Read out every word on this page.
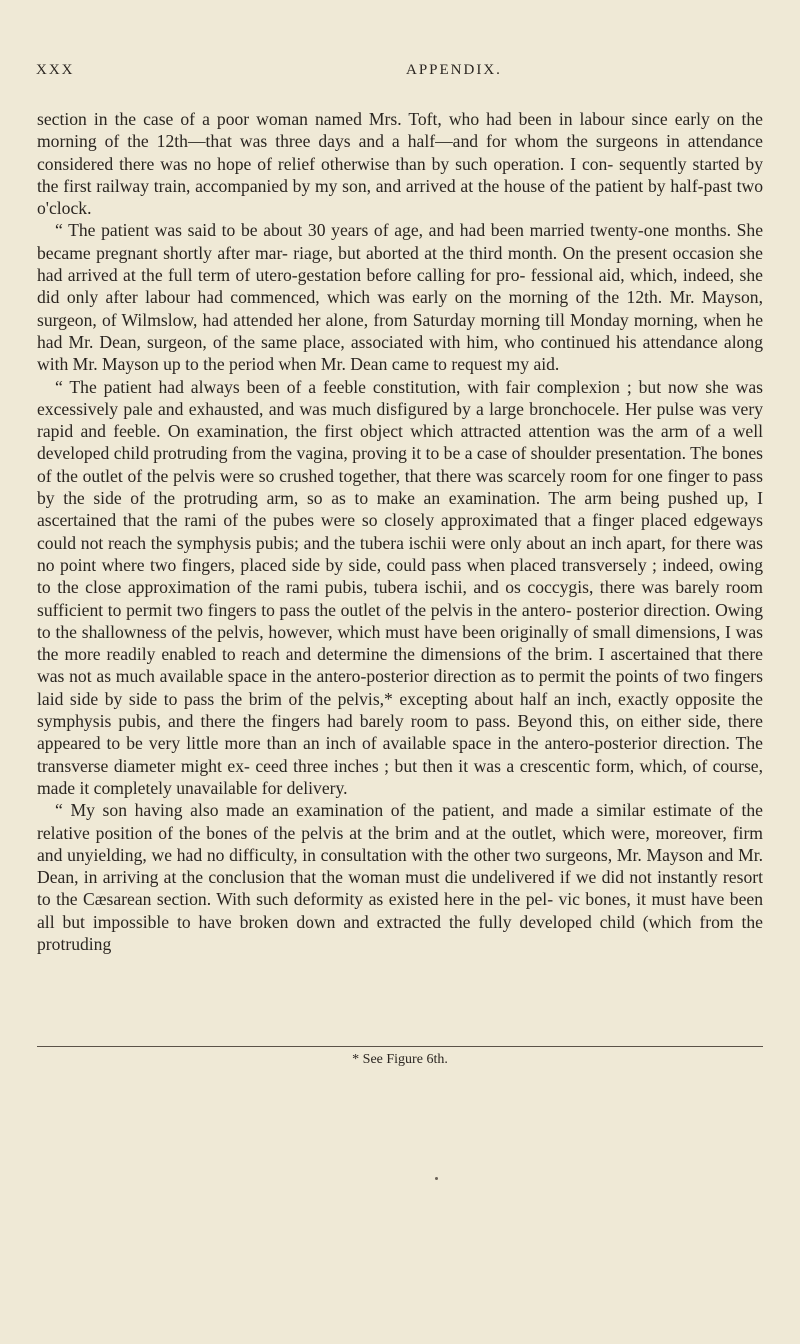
XXX	APPENDIX.

section in the case of a poor woman named Mrs. Toft, who had been in labour since early on the morning of the 12th—that was three days and a half—and for whom the surgeons in attendance considered there was no hope of relief otherwise than by such operation. I con- sequently started by the first railway train, accompanied by my son, and arrived at the house of the patient by half-past two o'clock.

“ The patient was said to be about 30 years of age, and had been married twenty-one months. She became pregnant shortly after mar- riage, but aborted at the third month. On the present occasion she had arrived at the full term of utero-gestation before calling for pro- fessional aid, which, indeed, she did only after labour had commenced, which was early on the morning of the 12th. Mr. Mayson, surgeon, of Wilmslow, had attended her alone, from Saturday morning till Monday morning, when he had Mr. Dean, surgeon, of the same place, associated with him, who continued his attendance along with Mr. Mayson up to the period when Mr. Dean came to request my aid.

“ The patient had always been of a feeble constitution, with fair complexion ; but now she was excessively pale and exhausted, and was much disfigured by a large bronchocele. Her pulse was very rapid and feeble. On examination, the first object which attracted attention was the arm of a well developed child protruding from the vagina, proving it to be a case of shoulder presentation. The bones of the outlet of the pelvis were so crushed together, that there was scarcely room for one finger to pass by the side of the protruding arm, so as to make an examination. The arm being pushed up, I ascertained that the rami of the pubes were so closely approximated that a finger placed edgeways could not reach the symphysis pubis; and the tubera ischii were only about an inch apart, for there was no point where two fingers, placed side by side, could pass when placed transversely ; indeed, owing to the close approximation of the rami pubis, tubera ischii, and os coccygis, there was barely room sufficient to permit two fingers to pass the outlet of the pelvis in the antero- posterior direction. Owing to the shallowness of the pelvis, however, which must have been originally of small dimensions, I was the more readily enabled to reach and determine the dimensions of the brim. I ascertained that there was not as much available space in the antero-posterior direction as to permit the points of two fingers laid side by side to pass the brim of the pelvis,* excepting about half an inch, exactly opposite the symphysis pubis, and there the fingers had barely room to pass. Beyond this, on either side, there appeared to be very little more than an inch of available space in the antero-posterior direction. The transverse diameter might ex- ceed three inches ; but then it was a crescentic form, which, of course, made it completely unavailable for delivery.

“ My son having also made an examination of the patient, and made a similar estimate of the relative position of the bones of the pelvis at the brim and at the outlet, which were, moreover, firm and unyielding, we had no difficulty, in consultation with the other two surgeons, Mr. Mayson and Mr. Dean, in arriving at the conclusion that the woman must die undelivered if we did not instantly resort to the Cæsarean section. With such deformity as existed here in the pel- vic bones, it must have been all but impossible to have broken down and extracted the fully developed child (which from the protruding

* See Figure 6th.
